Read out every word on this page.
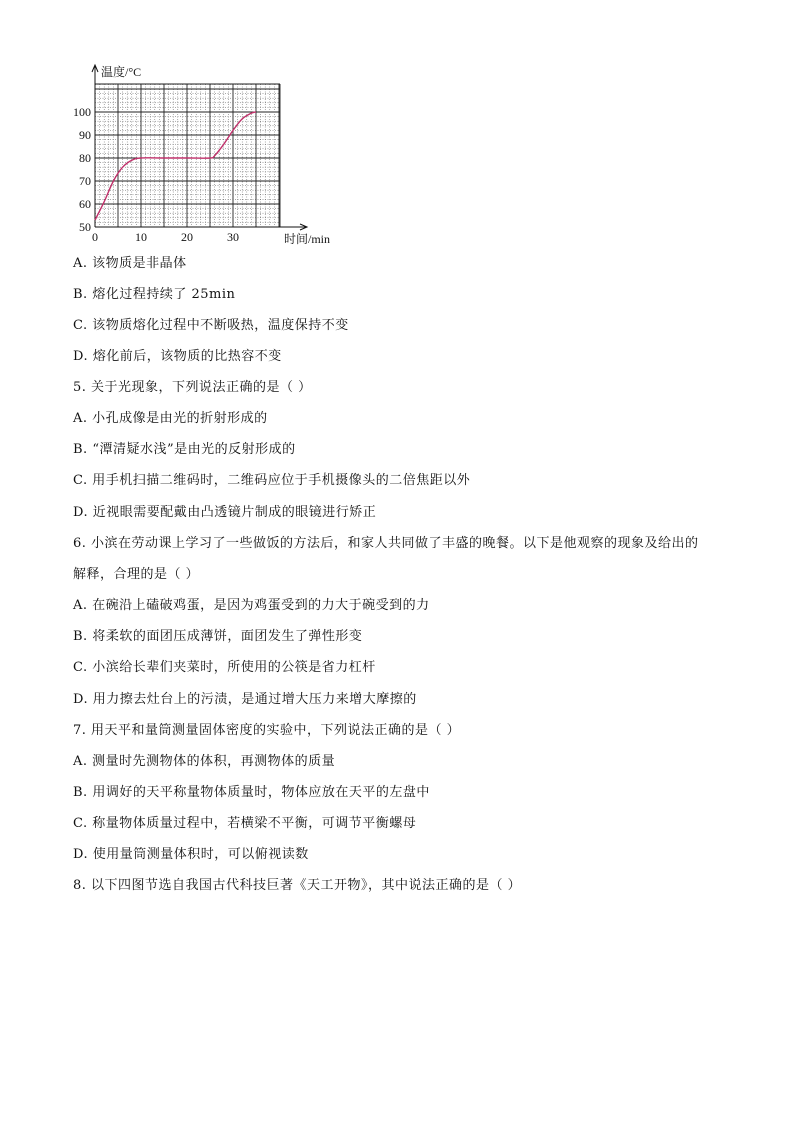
0	10	20	30
50
60
70
80
90
100
温度/°C
时间/min
A. 该物质是非晶体
B. 熔化过程持续了 25min
C. 该物质熔化过程中不断吸热，温度保持不变
D. 熔化前后，该物质的比热容不变
5. 关于光现象，下列说法正确的是（ ）
A. 小孔成像是由光的折射形成的
B. “潭清疑水浅”是由光的反射形成的
C. 用手机扫描二维码时，二维码应位于手机摄像头的二倍焦距以外
D. 近视眼需要配戴由凸透镜片制成的眼镜进行矫正
6. 小滨在劳动课上学习了一些做饭的方法后，和家人共同做了丰盛的晚餐。以下是他观察的现象及给出的
解释，合理的是（ ）
A. 在碗沿上磕破鸡蛋，是因为鸡蛋受到的力大于碗受到的力
B. 将柔软的面团压成薄饼，面团发生了弹性形变
C. 小滨给长辈们夹菜时，所使用的公筷是省力杠杆
D. 用力擦去灶台上的污渍，是通过增大压力来增大摩擦的
7. 用天平和量筒测量固体密度的实验中，下列说法正确的是（ ）
A. 测量时先测物体的体积，再测物体的质量
B. 用调好的天平称量物体质量时，物体应放在天平的左盘中
C. 称量物体质量过程中，若横梁不平衡，可调节平衡螺母
D. 使用量筒测量体积时，可以俯视读数
8. 以下四图节选自我国古代科技巨著《天工开物》，其中说法正确的是（ ）
